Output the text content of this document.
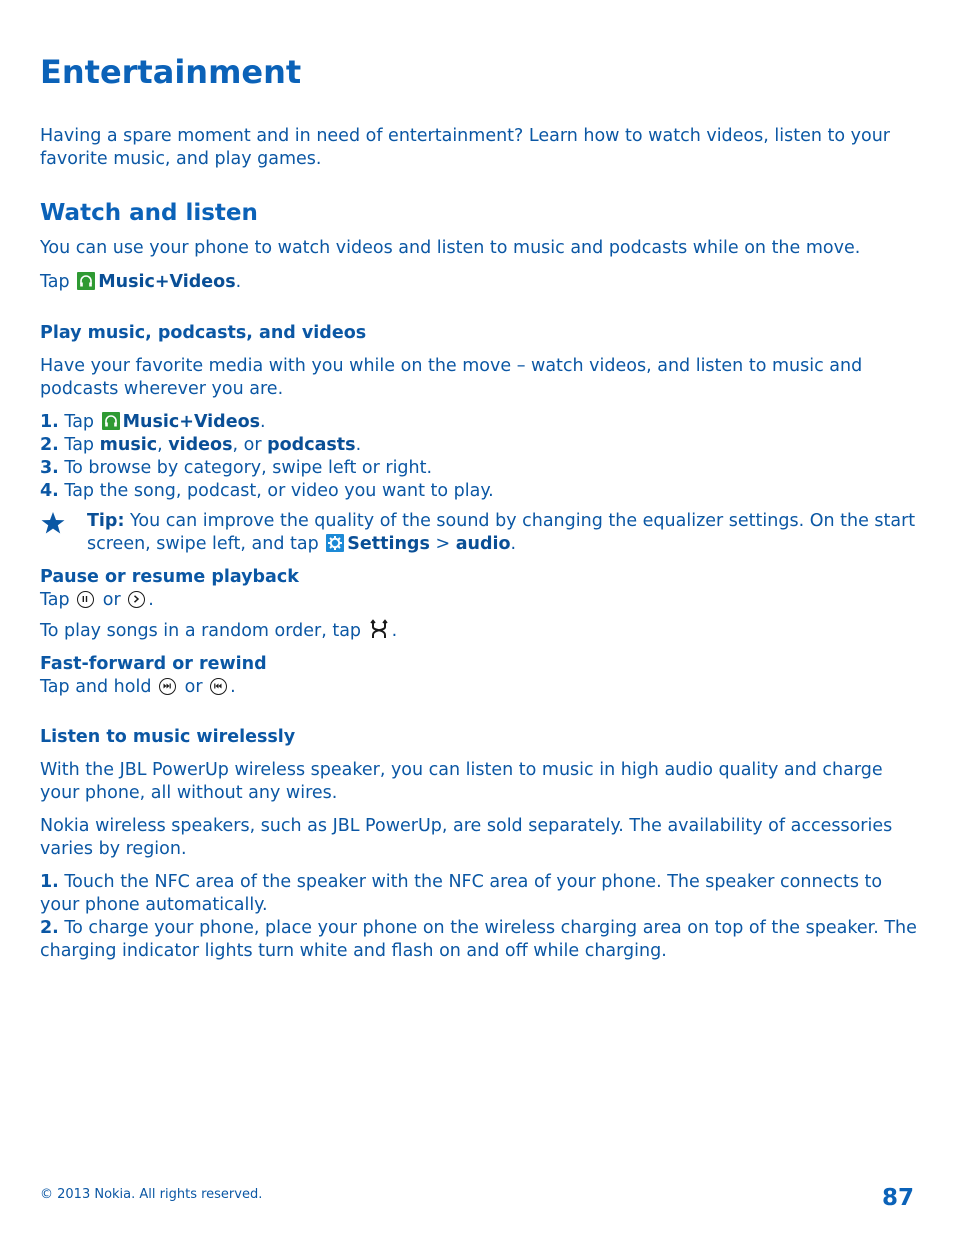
Entertainment

Having a spare moment and in need of entertainment? Learn how to watch videos, listen to your favorite music, and play games.

Watch and listen

You can use your phone to watch videos and listen to music and podcasts while on the move.

Tap Music+Videos.

Play music, podcasts, and videos

Have your favorite media with you while on the move – watch videos, and listen to music and podcasts wherever you are.

1. Tap Music+Videos.
2. Tap music, videos, or podcasts.
3. To browse by category, swipe left or right.
4. Tap the song, podcast, or video you want to play.

Tip: You can improve the quality of the sound by changing the equalizer settings. On the start screen, swipe left, and tap Settings > audio.

Pause or resume playback

Tap or .

To play songs in a random order, tap .

Fast-forward or rewind

Tap and hold or .

Listen to music wirelessly

With the JBL PowerUp wireless speaker, you can listen to music in high audio quality and charge your phone, all without any wires.

Nokia wireless speakers, such as JBL PowerUp, are sold separately. The availability of accessories varies by region.

1. Touch the NFC area of the speaker with the NFC area of your phone. The speaker connects to your phone automatically.
2. To charge your phone, place your phone on the wireless charging area on top of the speaker. The charging indicator lights turn white and flash on and off while charging.
© 2013 Nokia. All rights reserved.	87
